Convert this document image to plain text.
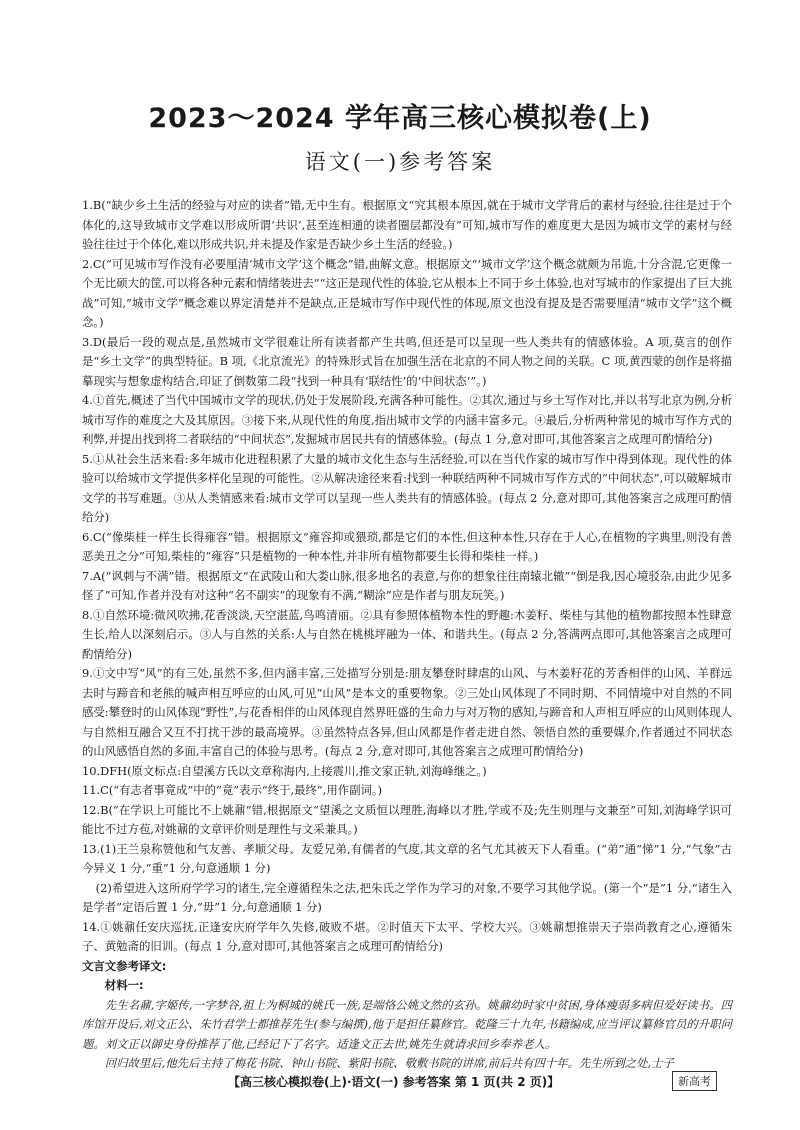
2023～2024 学年高三核心模拟卷(上)
语文(一)参考答案

1.B(“缺少乡土生活的经验与对应的读者”错,无中生有。根据原文“究其根本原因,就在于城市文学背后的素材与经验,往往是过于个体化的,这导致城市文学难以形成所谓‘共识’,甚至连相通的读者圈层都没有”可知,城市写作的难度更大是因为城市文学的素材与经验往往过于个体化,难以形成共识,并未提及作家是否缺少乡土生活的经验。)

2.C(“可见城市写作没有必要厘清‘城市文学’这个概念”错,曲解文意。根据原文“‘城市文学’这个概念就颇为吊诡,十分含混,它更像一个无比硕大的筐,可以将各种元素和情绪装进去”“这正是现代性的体验,它从根本上不同于乡土体验,也对写城市的作家提出了巨大挑战”可知,“城市文学”概念难以界定清楚并不是缺点,正是城市写作中现代性的体现,原文也没有提及是否需要厘清“城市文学”这个概念。)

3.D(最后一段的观点是,虽然城市文学很难让所有读者都产生共鸣,但还是可以呈现一些人类共有的情感体验。A 项,莫言的创作是“乡土文学”的典型特征。B 项,《北京流光》的特殊形式旨在加强生活在北京的不同人物之间的关联。C 项,黄西蒙的创作是将描摹现实与想象虚构结合,印证了倒数第二段“找到一种具有‘联结性’的‘中间状态’”。)

4.①首先,概述了当代中国城市文学的现状,仍处于发展阶段,充满各种可能性。②其次,通过与乡土写作对比,并以书写北京为例,分析城市写作的难度之大及其原因。③接下来,从现代性的角度,指出城市文学的内涵丰富多元。④最后,分析两种常见的城市写作方式的利弊,并提出找到将二者联结的“中间状态”,发掘城市居民共有的情感体验。(每点 1 分,意对即可,其他答案言之成理可酌情给分)

5.①从社会生活来看:多年城市化进程积累了大量的城市文化生态与生活经验,可以在当代作家的城市写作中得到体现。现代性的体验可以给城市文学提供多样化呈现的可能性。②从解决途径来看:找到一种联结两种不同城市写作方式的“中间状态”,可以破解城市文学的书写难题。③从人类情感来看:城市文学可以呈现一些人类共有的情感体验。(每点 2 分,意对即可,其他答案言之成理可酌情给分)

6.C(“像柴桂一样生长得雍容”错。根据原文“雍容抑或猥琐,都是它们的本性,但这种本性,只存在于人心,在植物的字典里,则没有善恶美丑之分”可知,柴桂的“雍容”只是植物的一种本性,并非所有植物都要生长得和柴桂一样。)

7.A(“讽刺与不满”错。根据原文“在武陵山和大娄山脉,很多地名的表意,与你的想象往往南辕北辙”“倒是我,因心境驳杂,由此少见多怪了”可知,作者并没有对这种“名不副实”的现象有不满,“糊涂”应是作者与朋友玩笑。)

8.①自然环境:微风吹拂,花香淡淡,天空湛蓝,鸟鸣清丽。②具有参照体植物本性的野趣:木姜籽、柴桂与其他的植物都按照本性肆意生长,给人以深刻启示。③人与自然的关系:人与自然在桃桃坪融为一体、和谐共生。(每点 2 分,答满两点即可,其他答案言之成理可酌情给分)

9.①文中写“风”的有三处,虽然不多,但内涵丰富,三处描写分别是:朋友攀登时肆虐的山风、与木姜籽花的芳香相伴的山风、羊群远去时与蹄音和老熊的喊声相互呼应的山风,可见“山风”是本文的重要物象。②三处山风体现了不同时期、不同情境中对自然的不同感受:攀登时的山风体现“野性”,与花香相伴的山风体现自然界旺盛的生命力与对万物的感知,与蹄音和人声相互呼应的山风则体现人与自然相互融合又互不打扰干涉的最高境界。③虽然特点各异,但山风都是作者走进自然、领悟自然的重要媒介,作者通过不同状态的山风感悟自然的多面,丰富自己的体验与思考。(每点 2 分,意对即可,其他答案言之成理可酌情给分)

10.DFH(原文标点:自望溪方氏以文章称海内,上接震川,推文家正轨,刘海峰继之。)

11.C(“有志者事竟成”中的“竟”表示“终于,最终”,用作副词。)

12.B(“在学识上可能比不上姚鼐”错,根据原文“望溪之文质恒以理胜,海峰以才胜,学或不及;先生则理与文兼至”可知,刘海峰学识可能比不过方苞,对姚鼐的文章评价则是理性与文采兼具。)

13.(1)王兰泉称赞他和气友善、孝顺父母、友爱兄弟,有儒者的气度,其文章的名气尤其被天下人看重。(“弟”通“悌”1 分,“气象”古今异义 1 分,“重”1 分,句意通顺 1 分)

(2)希望进入这所府学学习的诸生,完全遵循程朱之法,把朱氏之学作为学习的对象,不要学习其他学说。(第一个“是”1 分,“诸生入是学者”定语后置 1 分,“毋”1 分,句意通顺 1 分)

14.①姚鼐任安庆巡抚,正逢安庆府学年久失修,破败不堪。②时值天下太平、学校大兴。③姚鼐想推崇天子崇尚教育之心,遵循朱子、黄勉斋的旧训。(每点 1 分,意对即可,其他答案言之成理可酌情给分)

文言文参考译文:

材料一:

先生名鼐,字姬传,一字梦谷,祖上为桐城的姚氏一族,是端恪公姚文然的玄孙。姚鼐幼时家中贫困,身体瘦弱多病但爱好读书。四库馆开设后,刘文正公、朱竹君学士都推荐先生(参与编撰),他于是担任纂修官。乾隆三十九年,书籍编成,应当评议纂修官员的升职问题。刘文正以御史身份推荐了他,已经记下了名字。适逢文正去世,姚先生就请求回乡奉养老人。

回归故里后,他先后主持了梅花书院、钟山书院、紫阳书院、敬敷书院的讲席,前后共有四十年。先生所到之处,士子

【高三核心模拟卷(上)·语文(一) 参考答案 第 1 页(共 2 页)】	新高考
